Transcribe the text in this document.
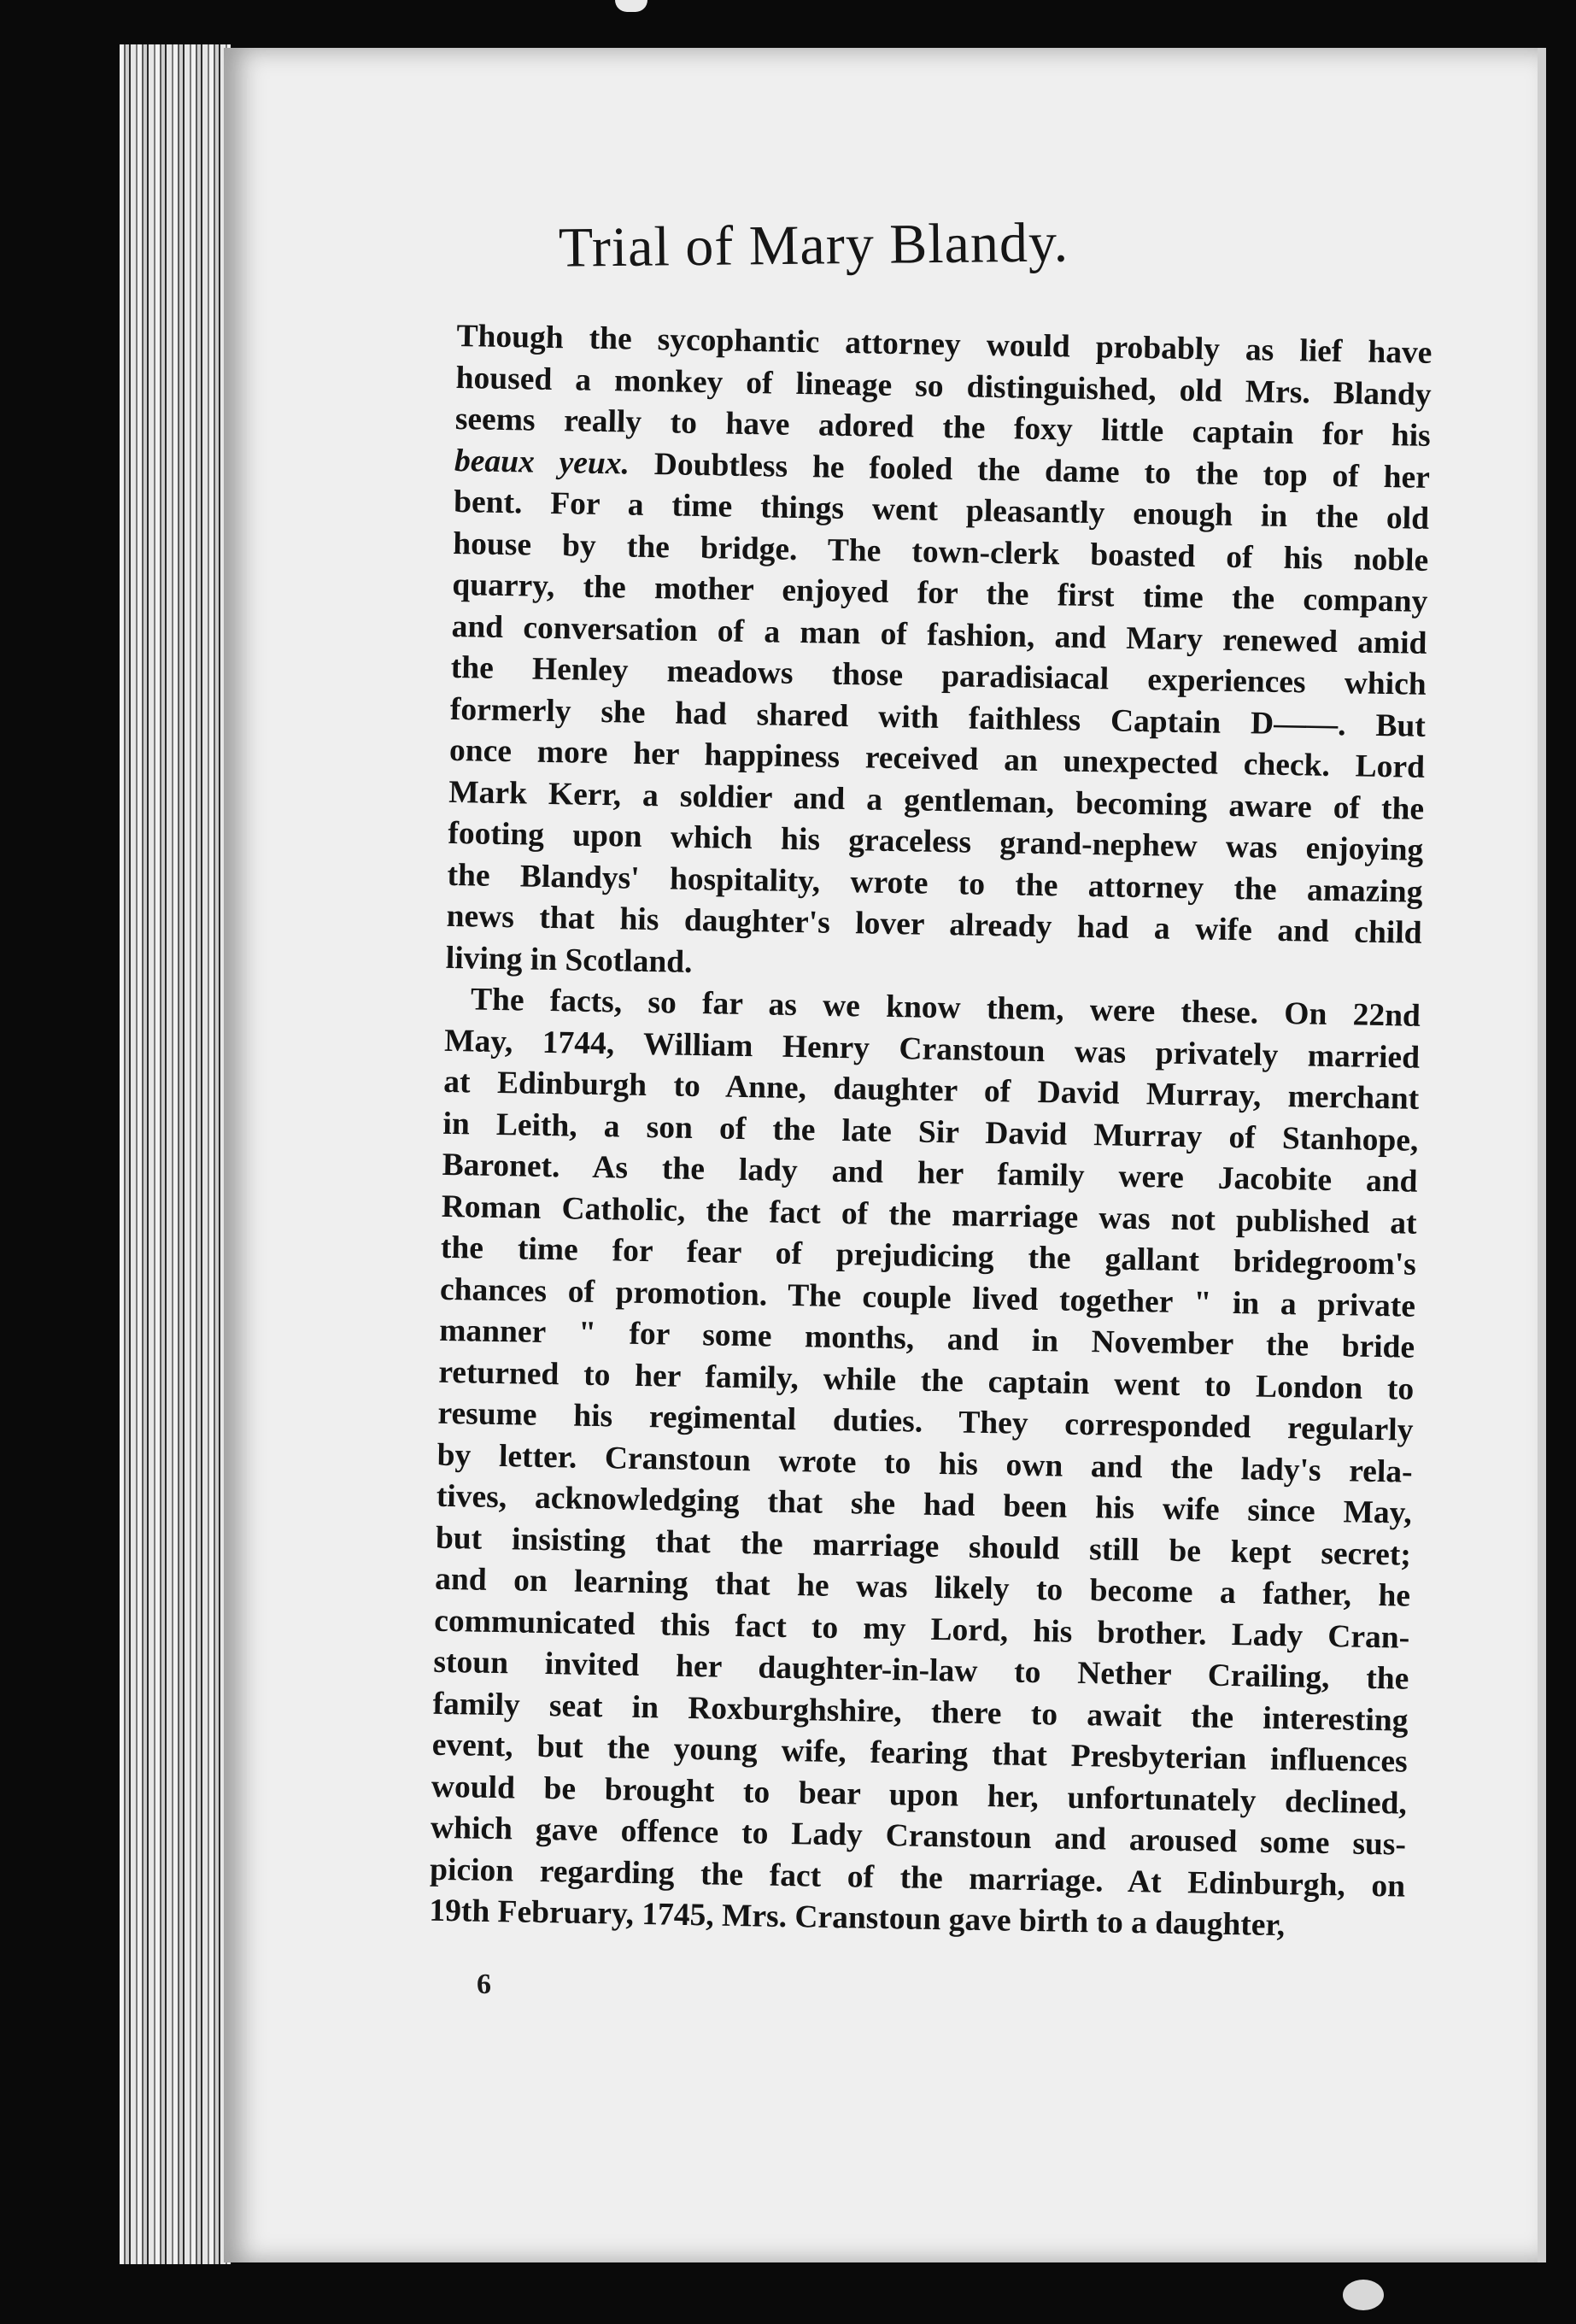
Trial of Mary Blandy.
Though the sycophantic attorney would probably as lief have
housed a monkey of lineage so distinguished, old Mrs. Blandy
seems really to have adored the foxy little captain for his
beaux yeux. Doubtless he fooled the dame to the top of her
bent. For a time things went pleasantly enough in the old
house by the bridge. The town-clerk boasted of his noble
quarry, the mother enjoyed for the first time the company
and conversation of a man of fashion, and Mary renewed amid
the Henley meadows those paradisiacal experiences which
formerly she had shared with faithless Captain D——. But
once more her happiness received an unexpected check. Lord
Mark Kerr, a soldier and a gentleman, becoming aware of the
footing upon which his graceless grand-nephew was enjoying
the Blandys' hospitality, wrote to the attorney the amazing
news that his daughter's lover already had a wife and child
living in Scotland.
The facts, so far as we know them, were these. On 22nd
May, 1744, William Henry Cranstoun was privately married
at Edinburgh to Anne, daughter of David Murray, merchant
in Leith, a son of the late Sir David Murray of Stanhope,
Baronet. As the lady and her family were Jacobite and
Roman Catholic, the fact of the marriage was not published at
the time for fear of prejudicing the gallant bridegroom's
chances of promotion. The couple lived together " in a private
manner " for some months, and in November the bride
returned to her family, while the captain went to London to
resume his regimental duties. They corresponded regularly
by letter. Cranstoun wrote to his own and the lady's rela-
tives, acknowledging that she had been his wife since May,
but insisting that the marriage should still be kept secret;
and on learning that he was likely to become a father, he
communicated this fact to my Lord, his brother. Lady Cran-
stoun invited her daughter-in-law to Nether Crailing, the
family seat in Roxburghshire, there to await the interesting
event, but the young wife, fearing that Presbyterian influences
would be brought to bear upon her, unfortunately declined,
which gave offence to Lady Cranstoun and aroused some sus-
picion regarding the fact of the marriage. At Edinburgh, on
19th February, 1745, Mrs. Cranstoun gave birth to a daughter,
6
